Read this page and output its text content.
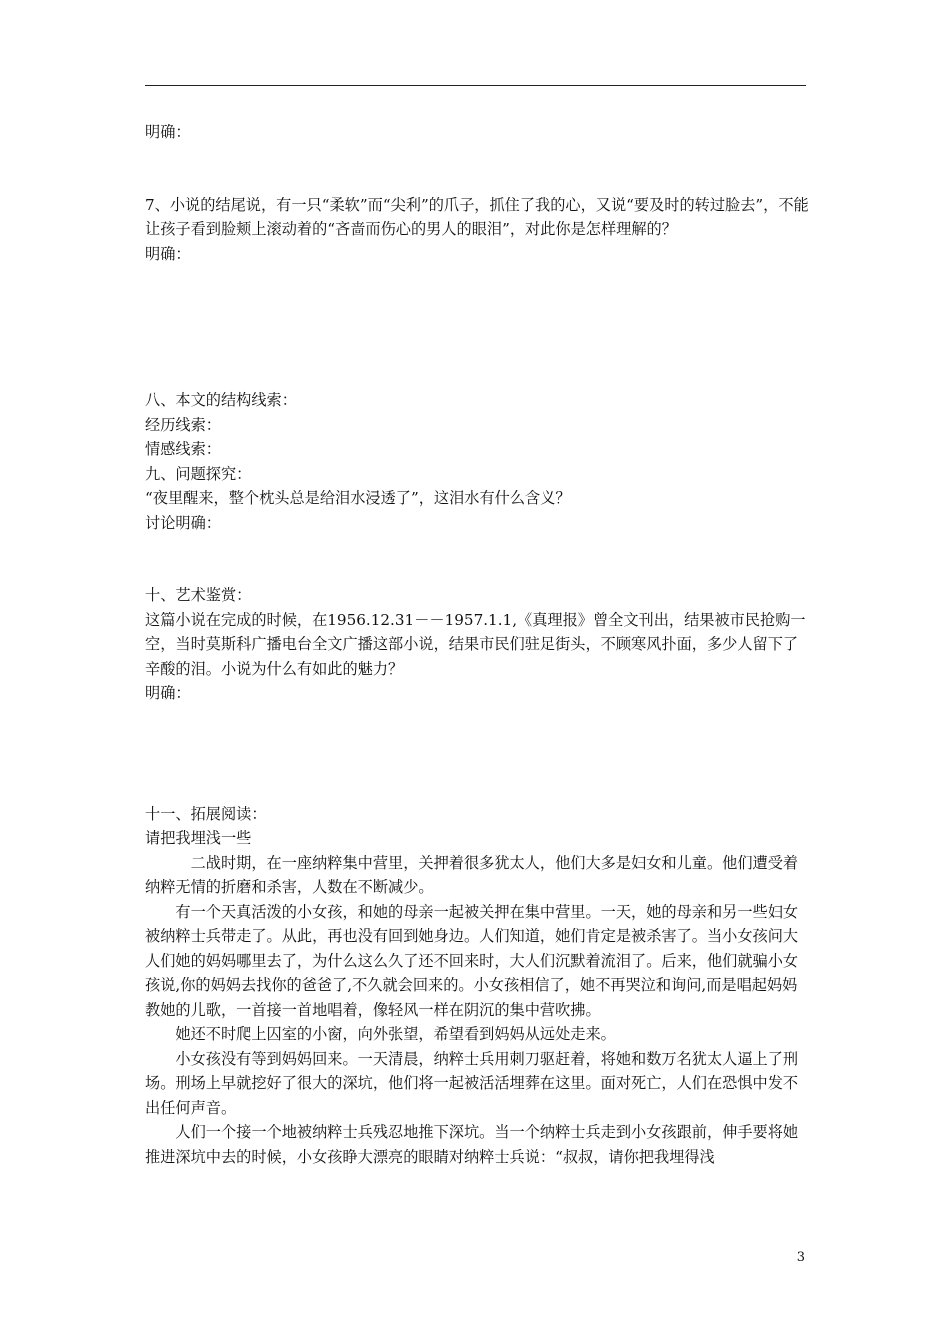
明确：

7、小说的结尾说，有一只“柔软”而“尖利”的爪子，抓住了我的心，又说“要及时的转过脸去”，不能让孩子看到脸颊上滚动着的“吝啬而伤心的男人的眼泪”，对此你是怎样理解的？

明确：

八、本文的结构线索：

经历线索：

情感线索：

九、问题探究：

“夜里醒来，整个枕头总是给泪水浸透了”，这泪水有什么含义？

讨论明确：

十、艺术鉴赏：

这篇小说在完成的时候，在1956.12.31－－1957.1.1,《真理报》曾全文刊出，结果被市民抢购一空，当时莫斯科广播电台全文广播这部小说，结果市民们驻足街头，不顾寒风扑面，多少人留下了辛酸的泪。小说为什么有如此的魅力？

明确：

十一、拓展阅读：

请把我埋浅一些

二战时期，在一座纳粹集中营里，关押着很多犹太人，他们大多是妇女和儿童。他们遭受着纳粹无情的折磨和杀害，人数在不断减少。

有一个天真活泼的小女孩，和她的母亲一起被关押在集中营里。一天，她的母亲和另一些妇女被纳粹士兵带走了。从此，再也没有回到她身边。人们知道，她们肯定是被杀害了。当小女孩问大人们她的妈妈哪里去了，为什么这么久了还不回来时，大人们沉默着流泪了。后来，他们就骗小女孩说,你的妈妈去找你的爸爸了,不久就会回来的。小女孩相信了，她不再哭泣和询问,而是唱起妈妈教她的儿歌，一首接一首地唱着，像轻风一样在阴沉的集中营吹拂。

她还不时爬上囚室的小窗，向外张望，希望看到妈妈从远处走来。

小女孩没有等到妈妈回来。一天清晨，纳粹士兵用刺刀驱赶着，将她和数万名犹太人逼上了刑场。刑场上早就挖好了很大的深坑，他们将一起被活活埋葬在这里。面对死亡，人们在恐惧中发不出任何声音。

人们一个接一个地被纳粹士兵残忍地推下深坑。当一个纳粹士兵走到小女孩跟前，伸手要将她推进深坑中去的时候，小女孩睁大漂亮的眼睛对纳粹士兵说：“叔叔，请你把我埋得浅

3
